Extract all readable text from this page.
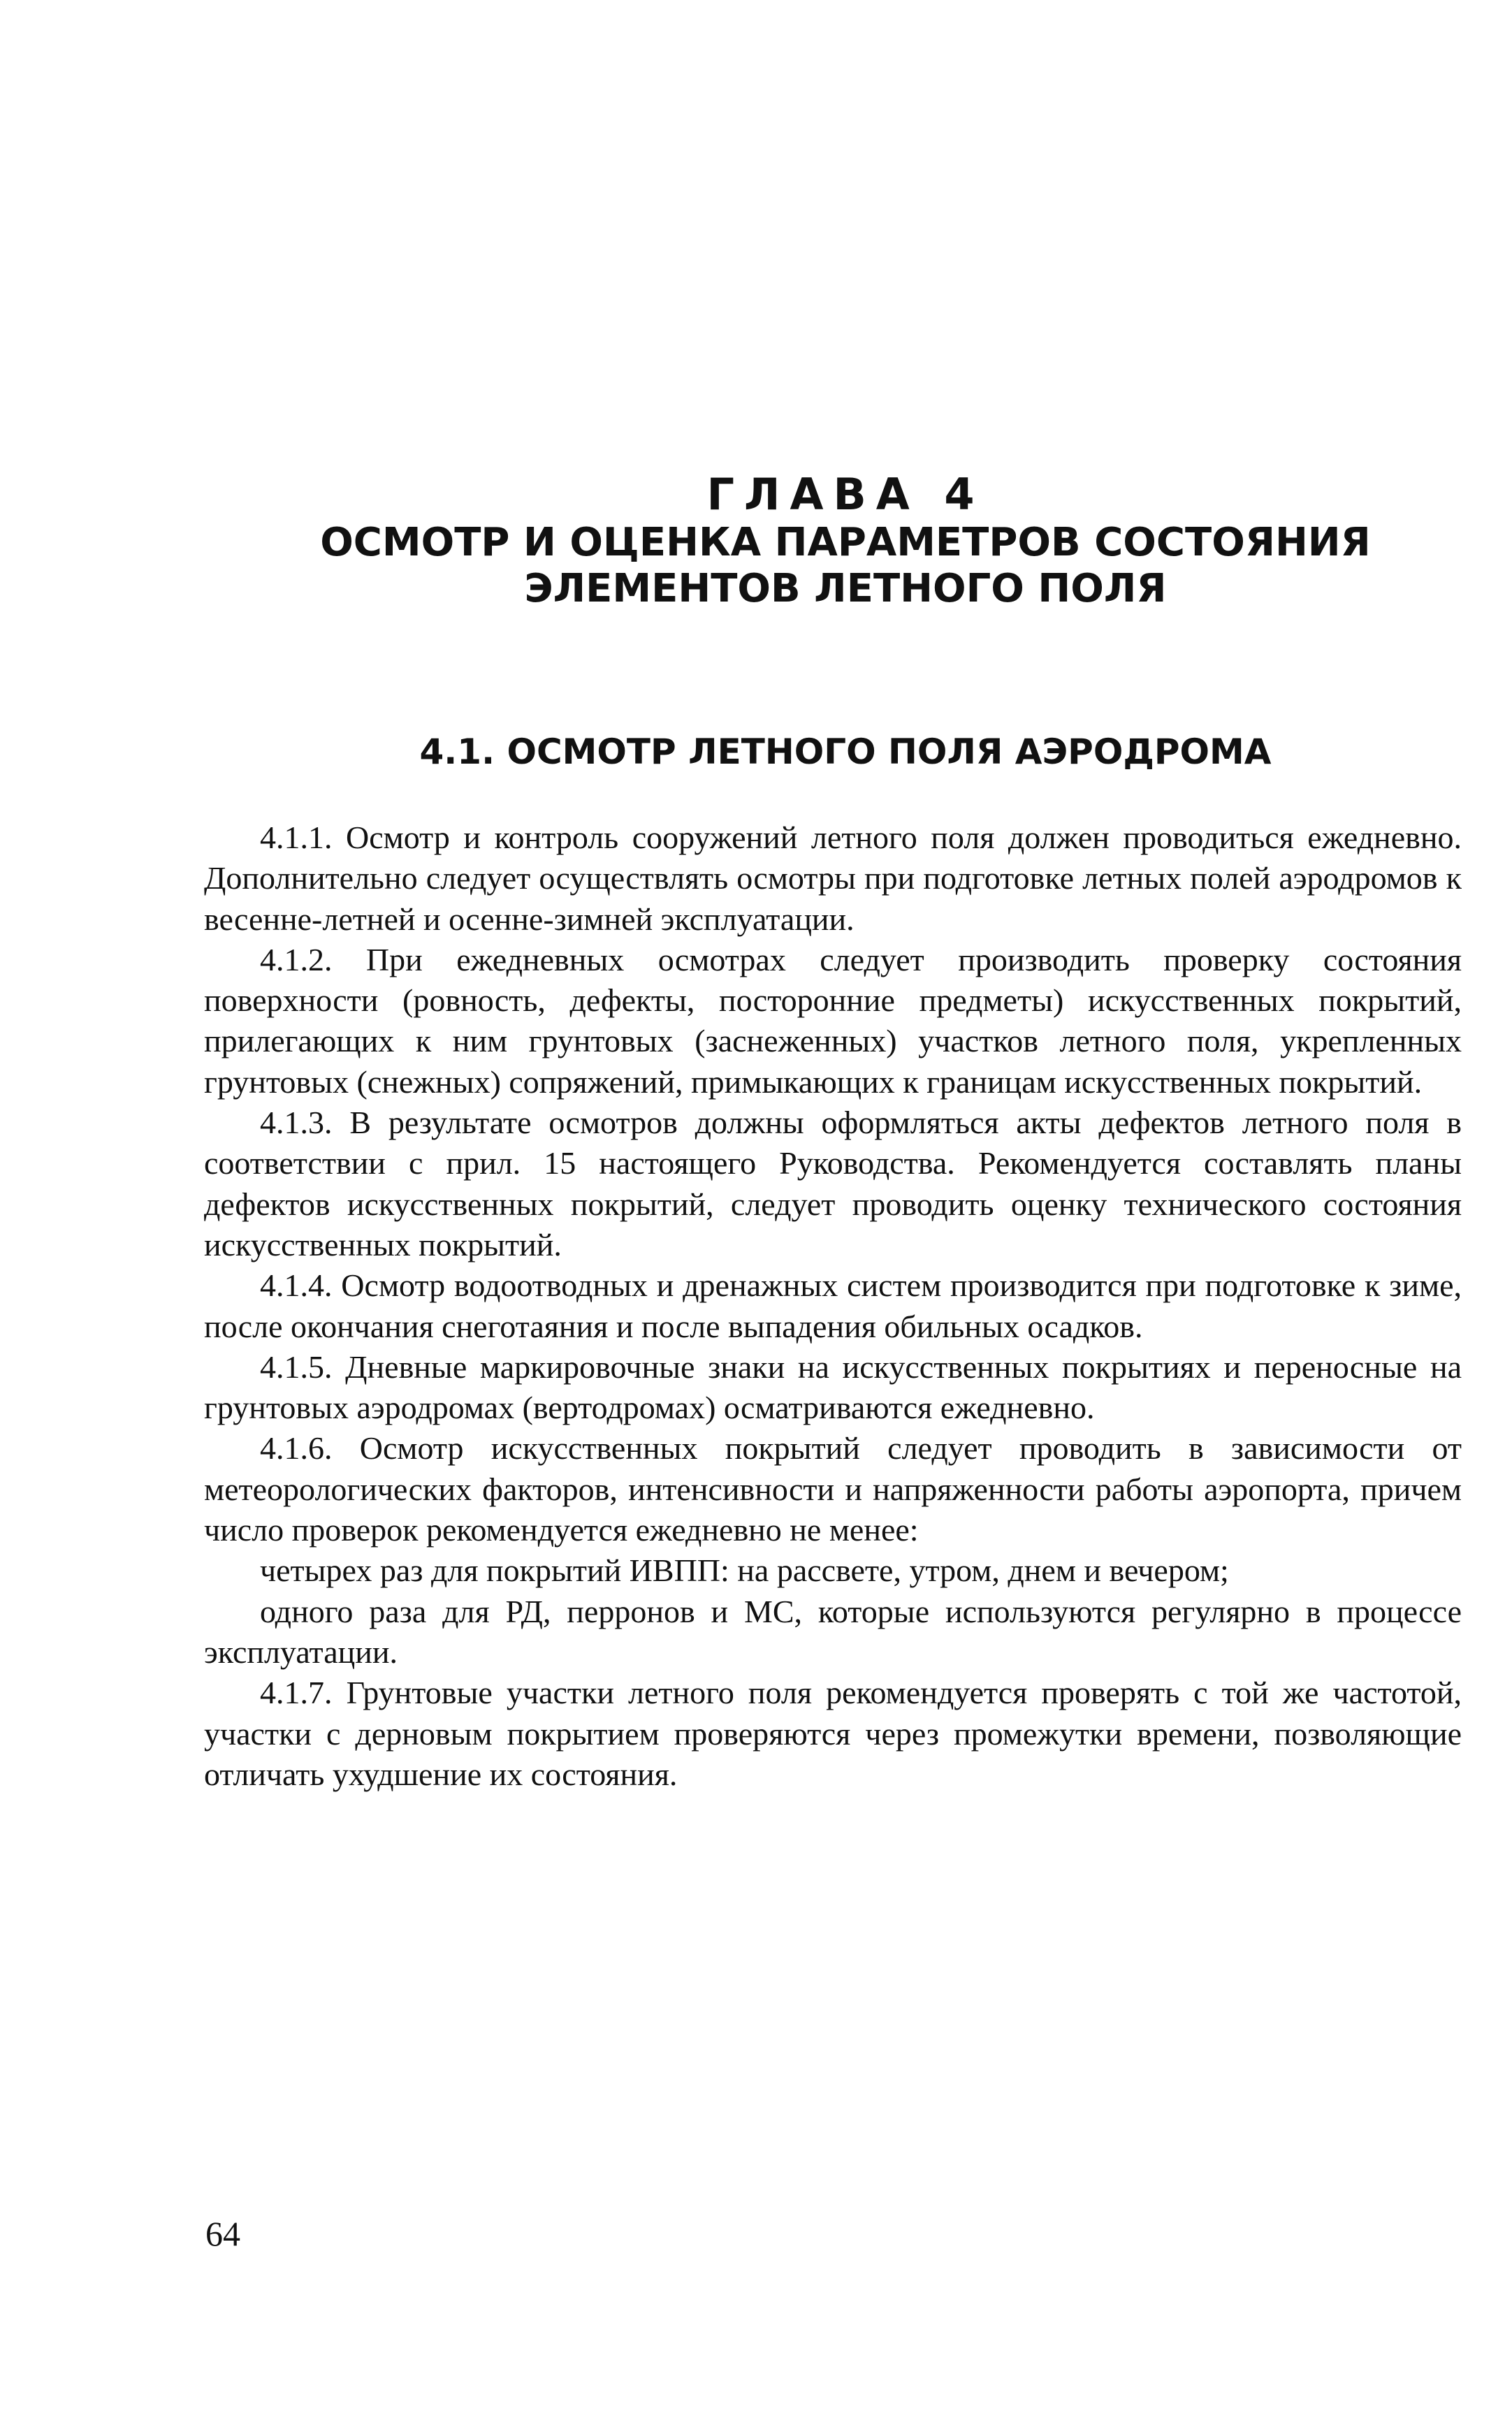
ГЛАВА 4
ОСМОТР И ОЦЕНКА ПАРАМЕТРОВ СОСТОЯНИЯ
ЭЛЕМЕНТОВ ЛЕТНОГО ПОЛЯ
4.1. ОСМОТР ЛЕТНОГО ПОЛЯ АЭРОДРОМА

4.1.1. Осмотр и контроль сооружений летного поля должен проводиться ежедневно. Дополнительно следует осуществлять осмотры при подготовке летных полей аэродромов к весенне-летней и осенне-зимней эксплуатации.

4.1.2. При ежедневных осмотрах следует производить проверку состояния поверхности (ровность, дефекты, посторонние предметы) искусственных покрытий, прилегающих к ним грунтовых (заснеженных) участков летного поля, укрепленных грунтовых (снежных) сопряжений, примыкающих к границам искусственных покрытий.

4.1.3. В результате осмотров должны оформляться акты дефектов летного поля в соответствии с прил. 15 настоящего Руководства. Рекомендуется составлять планы дефектов искусственных покрытий, следует проводить оценку технического состояния искусственных покрытий.

4.1.4. Осмотр водоотводных и дренажных систем производится при подготовке к зиме, после окончания снеготаяния и после выпадения обильных осадков.

4.1.5. Дневные маркировочные знаки на искусственных покрытиях и переносные на грунтовых аэродромах (вертодромах) осматриваются ежедневно.

4.1.6. Осмотр искусственных покрытий следует проводить в зависимости от метеорологических факторов, интенсивности и напряженности работы аэропорта, причем число проверок рекомендуется ежедневно не менее:

четырех раз для покрытий ИВПП: на рассвете, утром, днем и вечером;

одного раза для РД, перронов и МС, которые используются регулярно в процессе эксплуатации.

4.1.7. Грунтовые участки летного поля рекомендуется проверять с той же частотой, участки с дерновым покрытием проверяются через промежутки времени, позволяющие отличать ухудшение их состояния.

64
